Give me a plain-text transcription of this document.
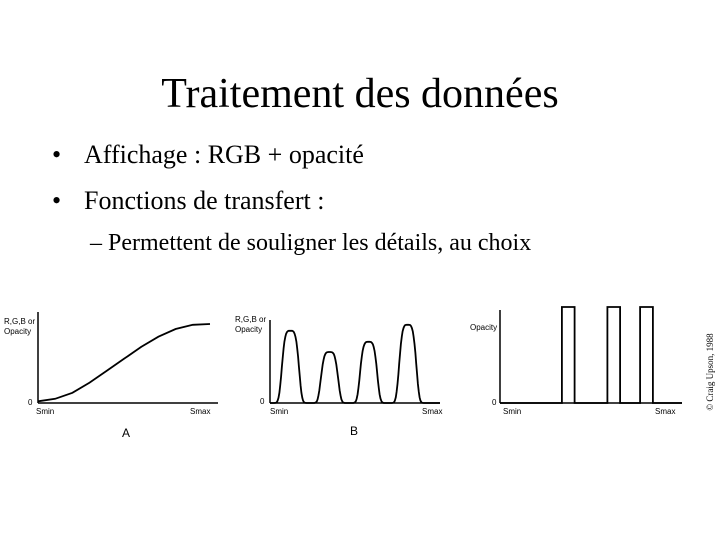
Traitement des données
• Affichage : RGB + opacité
• Fonctions de transfert :
– Permettent de souligner les détails, au choix
R,G,B or
Opacity
0
Smin	Smax
A
R,G,B or
Opacity
0
Smin	Smax
B
Opacity
0
Smin	Smax
© Craig Upson, 1988
